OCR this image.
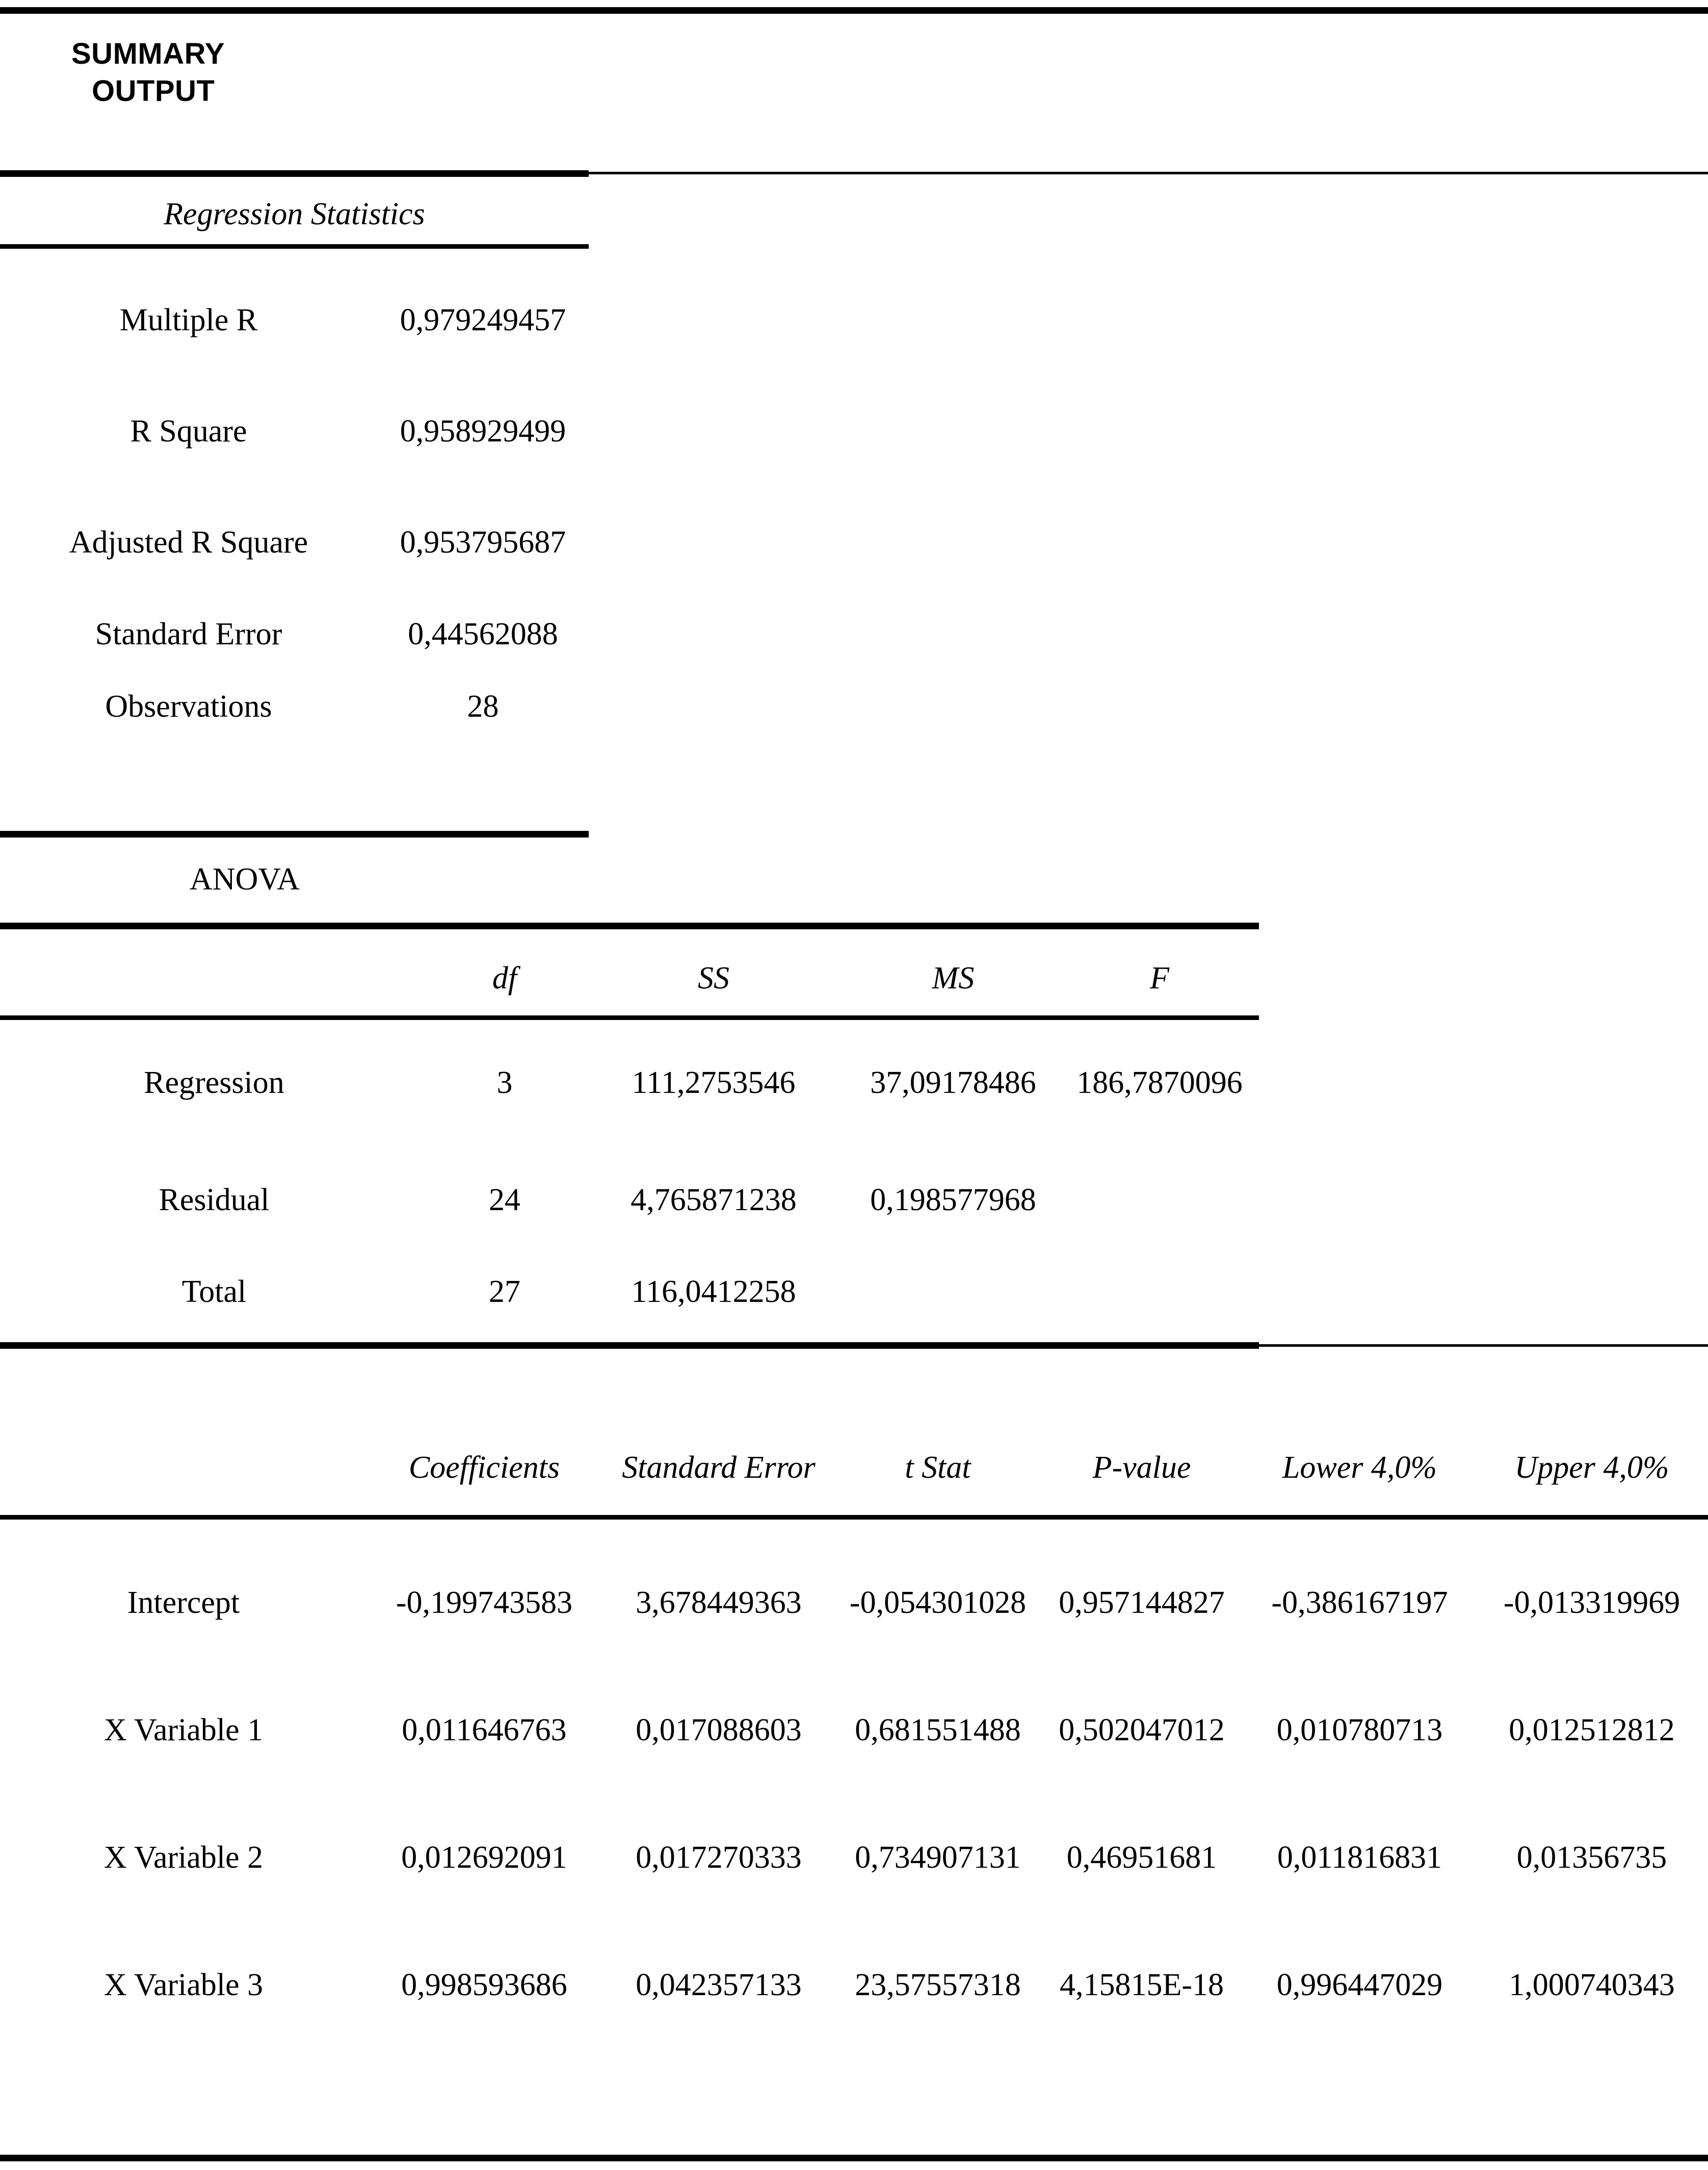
SUMMARY
OUTPUT
Regression Statistics
Multiple R	0,979249457
R Square	0,958929499
Adjusted R Square	0,953795687
Standard Error	0,44562088
Observations	28
ANOVA
	df	SS	MS	F
Regression	3	111,2753546	37,09178486	186,7870096
Residual	24	4,765871238	0,198577968	
Total	27	116,0412258		
	Coefficients	Standard Error	t Stat	P-value	Lower 4,0%	Upper 4,0%
Intercept	-0,199743583	3,678449363	-0,054301028	0,957144827	-0,386167197	-0,013319969
X Variable 1	0,011646763	0,017088603	0,681551488	0,502047012	0,010780713	0,012512812
X Variable 2	0,012692091	0,017270333	0,734907131	0,46951681	0,011816831	0,01356735
X Variable 3	0,998593686	0,042357133	23,57557318	4,15815E-18	0,996447029	1,000740343
